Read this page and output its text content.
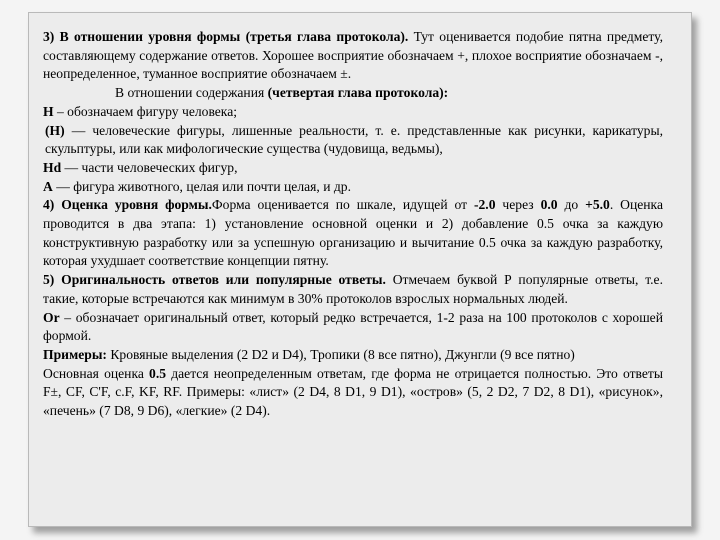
3) В отношении уровня формы (третья глава протокола). Тут оценивается подобие пятна предмету, составляющему содержание ответов. Хорошее восприятие обозначаем +, плохое восприятие обозначаем -, неопределенное, туманное восприятие обозначаем ±.

В отношении содержания (четвертая глава протокола):

Н – обозначаем фигуру человека;

(Н) — человеческие фигуры, лишенные реальности, т. е. представленные как рисунки, карикатуры, скульптуры, или как мифологические существа (чудовища, ведьмы),

Нd — части человеческих фигур,

А — фигура животного, целая или почти целая, и др.

4) Оценка уровня формы.Форма оценивается по шкале, идущей от -2.0 через 0.0 до +5.0. Оценка проводится в два этапа: 1) установление основной оценки и 2) добавление 0.5 очка за каждую конструктивную разработку или за успешную организацию и вычитание 0.5 очка за каждую разработку, которая ухудшает соответствие концепции пятну.

5) Оригинальность ответов или популярные ответы. Отмечаем буквой Р популярные ответы, т.е. такие, которые встречаются как минимум в 30% протоколов взрослых нормальных людей.

Or – обозначает оригинальный ответ, который редко встречается, 1-2 раза на 100 протоколов с хорошей формой.

Примеры: Кровяные выделения (2 D2 и D4), Тропики (8 все пятно), Джунгли (9 все пятно)

Основная оценка 0.5 дается неопределенным ответам, где форма не отрицается полностью. Это ответы F±, CF, C'F, c.F, KF, RF. Примеры: «лист» (2 D4, 8 D1, 9 D1), «остров» (5, 2 D2, 7 D2, 8 D1), «рисунок», «печень» (7 D8, 9 D6), «легкие» (2 D4).
